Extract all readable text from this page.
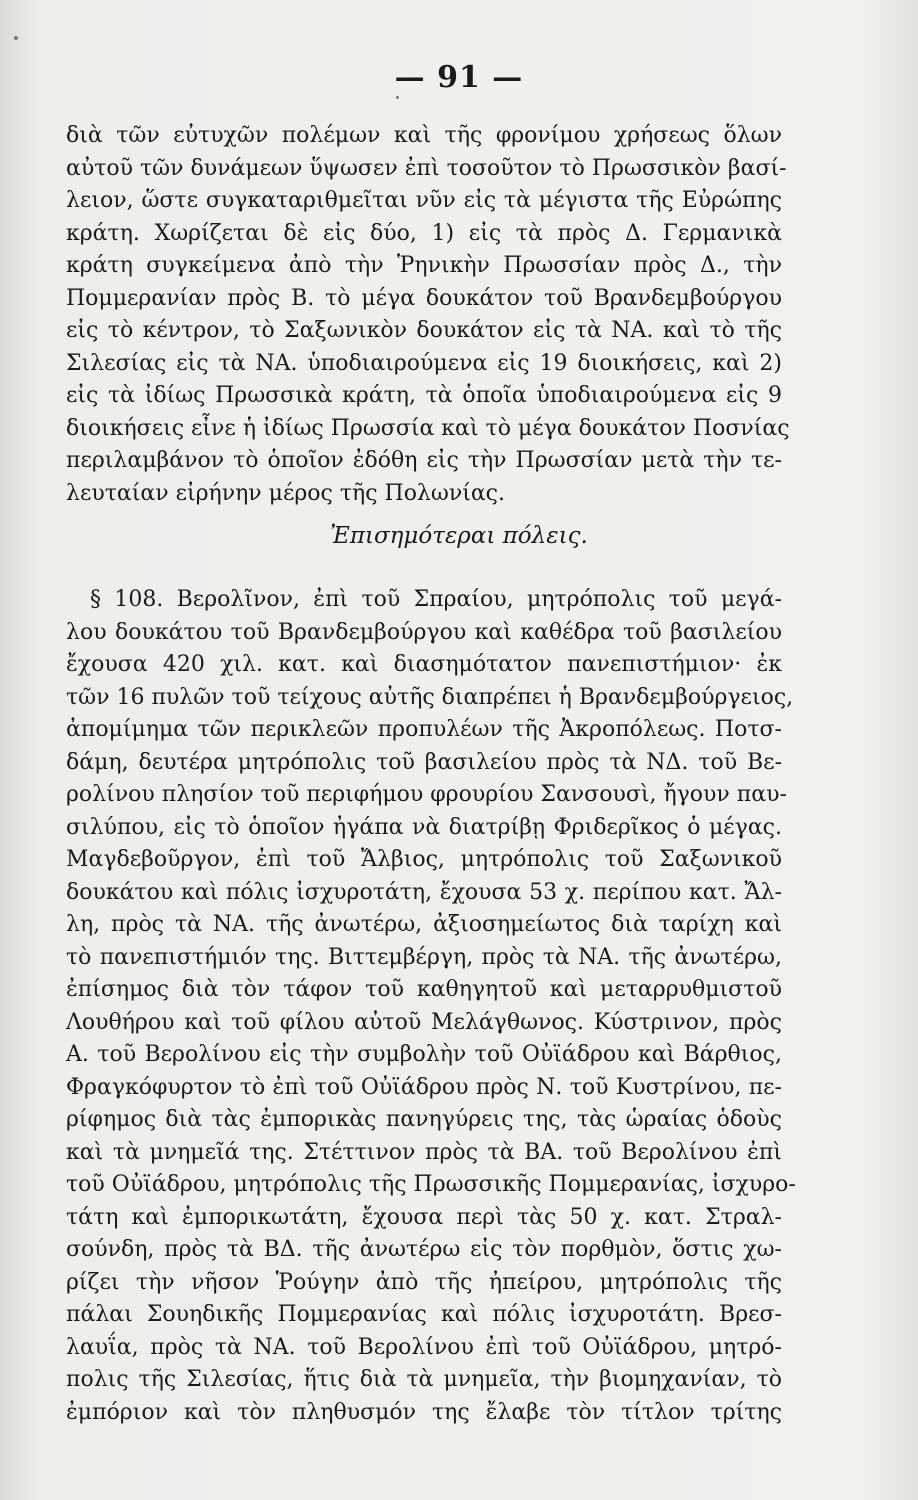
— 91 —
διὰ τῶν εὐτυχῶν πολέμων καὶ τῆς φρονίμου χρήσεως ὅλων
αὐτοῦ τῶν δυνάμεων ὕψωσεν ἐπὶ τοσοῦτον τὸ Πρωσσικὸν βασί-
λειον, ὥστε συγκαταριθμεῖται νῦν εἰς τὰ μέγιστα τῆς Εὐρώπης
κράτη. Χωρίζεται δὲ εἰς δύο, 1) εἰς τὰ πρὸς Δ. Γερμανικὰ
κράτη συγκείμενα ἀπὸ τὴν Ῥηνικὴν Πρωσσίαν πρὸς Δ., τὴν
Πομμερανίαν πρὸς Β. τὸ μέγα δουκάτον τοῦ Βρανδεμβούργου
εἰς τὸ κέντρον, τὸ Σαξωνικὸν δουκάτον εἰς τὰ ΝΑ. καὶ τὸ τῆς
Σιλεσίας εἰς τὰ ΝΑ. ὑποδιαιρούμενα εἰς 19 διοικήσεις, καὶ 2)
εἰς τὰ ἰδίως Πρωσσικὰ κράτη, τὰ ὁποῖα ὑποδιαιρούμενα εἰς 9
διοικήσεις εἶνε ἡ ἰδίως Πρωσσία καὶ τὸ μέγα δουκάτον Ποσνίας
περιλαμβάνον τὸ ὁποῖον ἐδόθη εἰς τὴν Πρωσσίαν μετὰ τὴν τε-
λευταίαν εἰρήνην μέρος τῆς Πολωνίας.
Ἐπισημότεραι πόλεις.
§ 108. Βερολῖνον, ἐπὶ τοῦ Σπραίου, μητρόπολις τοῦ μεγά-
λου δουκάτου τοῦ Βρανδεμβούργου καὶ καθέδρα τοῦ βασιλείου
ἔχουσα 420 χιλ. κατ. καὶ διασημότατον πανεπιστήμιον· ἐκ
τῶν 16 πυλῶν τοῦ τείχους αὐτῆς διαπρέπει ἡ Βρανδεμβούργειος,
ἀπομίμημα τῶν περικλεῶν προπυλέων τῆς Ἀκροπόλεως. Ποτσ-
δάμη, δευτέρα μητρόπολις τοῦ βασιλείου πρὸς τὰ ΝΔ. τοῦ Βε-
ρολίνου πλησίον τοῦ περιφήμου φρουρίου Σανσουσὶ, ἤγουν παυ-
σιλύπου, εἰς τὸ ὁποῖον ἠγάπα νὰ διατρίβῃ Φριδερῖκος ὁ μέγας.
Μαγδεβοῦργον, ἐπὶ τοῦ Ἄλβιος, μητρόπολις τοῦ Σαξωνικοῦ
δουκάτου καὶ πόλις ἰσχυροτάτη, ἔχουσα 53 χ. περίπου κατ. Ἄλ-
λη, πρὸς τὰ ΝΑ. τῆς ἀνωτέρω, ἀξιοσημείωτος διὰ ταρίχη καὶ
τὸ πανεπιστήμιόν της. Βιττεμβέργη, πρὸς τὰ ΝΑ. τῆς ἀνωτέρω,
ἐπίσημος διὰ τὸν τάφον τοῦ καθηγητοῦ καὶ μεταρρυθμιστοῦ
Λουθήρου καὶ τοῦ φίλου αὐτοῦ Μελάγθωνος. Κύστρινον, πρὸς
Α. τοῦ Βερολίνου εἰς τὴν συμβολὴν τοῦ Οὐϊάδρου καὶ Βάρθιος,
Φραγκόφυρτον τὸ ἐπὶ τοῦ Οὐϊάδρου πρὸς Ν. τοῦ Κυστρίνου, πε-
ρίφημος διὰ τὰς ἐμπορικὰς πανηγύρεις της, τὰς ὡραίας ὁδοὺς
καὶ τὰ μνημεῖά της. Στέττινον πρὸς τὰ ΒΑ. τοῦ Βερολίνου ἐπὶ
τοῦ Οὐϊάδρου, μητρόπολις τῆς Πρωσσικῆς Πομμερανίας, ἰσχυρο-
τάτη καὶ ἐμπορικωτάτη, ἔχουσα περὶ τὰς 50 χ. κατ. Στραλ-
σούνδη, πρὸς τὰ ΒΔ. τῆς ἀνωτέρω εἰς τὸν πορθμὸν, ὅστις χω-
ρίζει τὴν νῆσον Ῥούγην ἀπὸ τῆς ἠπείρου, μητρόπολις τῆς
πάλαι Σουηδικῆς Πομμερανίας καὶ πόλις ἰσχυροτάτη. Βρεσ-
λαυΐα, πρὸς τὰ ΝΑ. τοῦ Βερολίνου ἐπὶ τοῦ Οὐϊάδρου, μητρό-
πολις τῆς Σιλεσίας, ἥτις διὰ τὰ μνημεῖα, τὴν βιομηχανίαν, τὸ
ἐμπόριον καὶ τὸν πληθυσμόν της ἔλαβε τὸν τίτλον τρίτης
